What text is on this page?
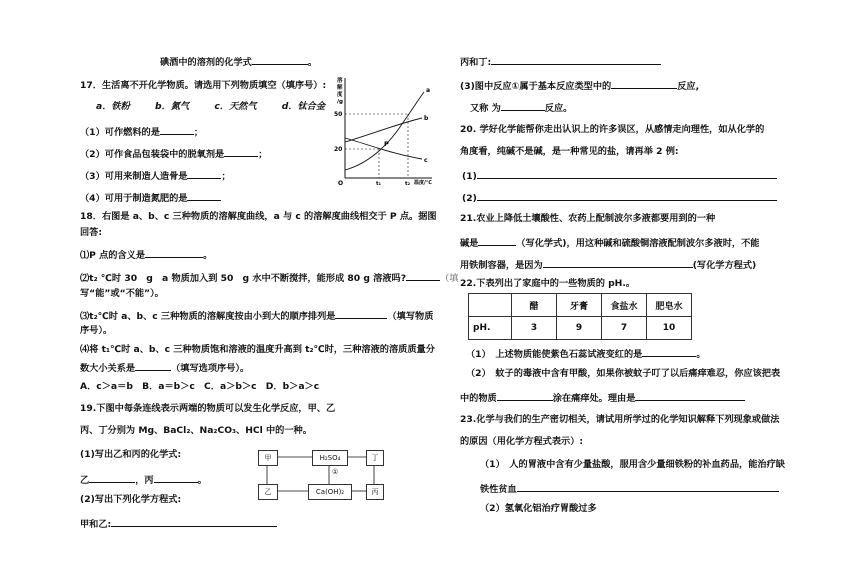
碘酒中的溶剂的化学式	。
17．生活离不开化学物质。请选用下列物质填空（填序号）:
a．铁粉	b．氮气	c．天然气	d．钛合金
（1）可作燃料的是	；
（2）可作食品包装袋中的脱氧剂是	；
（3）可用来制造人造骨是	；
（4）可用于制造氮肥的是
溶
解
度
/g
50
20
a
b
c
P
O	t₁	t₂ 温度/℃
18．右图是 a、b、c 三种物质的溶解度曲线，a 与 c 的溶解度曲线相交于 P 点。据图
回答:
⑴P 点的含义是	。
⑵t₂ ℃时 30　g　a 物质加入到 50　g 水中不断搅拌，能形成 80 g 溶液吗?	（填
写“能”或“不能”）。
⑶t₂℃时 a、b、c 三种物质的溶解度按由小到大的顺序排列是	（填写物质
序号）。
⑷将 t₁℃时 a、b、c 三种物质饱和溶液的温度升高到 t₂℃时，三种溶液的溶质质量分
数大小关系是	（填写选项序号）。
A．c＞a＝b　B．a＝b＞c　C．a＞b＞c　D．b＞a＞c
19.下图中每条连线表示两端的物质可以发生化学反应，甲、乙
丙、丁分别为 Mg、BaCl₂、Na₂CO₃、HCl 中的一种。
(1)写出乙和丙的化学式:
乙	，丙	。
(2)写出下列化学方程式:
甲和乙:
甲	H₂SO₄	丁
乙	Ca(OH)₂	丙
①
丙和丁:
(3)图中反应①属于基本反应类型中的	反应,
又称 为	反应。
20. 学好化学能帮你走出认识上的许多误区，从感情走向理性，如从化学的
角度看，纯碱不是碱，是一种常见的盐，请再举 2 例:
(1)
(2)
21.农业上降低土壤酸性、农药上配制波尔多液都要用到的一种
碱是	（写化学式)，用这种碱和硫酸铜溶液配制波尔多液时，不能
用铁制容器，是因为	(写化学方程式)
22.下表列出了家庭中的一些物质的 pH.。
	醋	牙膏	食盐水	肥皂水
pH.	3	9	7	10
（1）　上述物质能使紫色石蕊试液变红的是	。
（2）　蚊子的毒液中含有甲酸，如果你被蚊子叮了以后痛痒难忍，你应该把表
中的物质	涂在痛痒处。理由是
23.化学与我们的生产密切相关，请试用所学过的化学知识解释下列现象或做法
的原因（用化学方程式表示）:
（1）　人的胃液中含有少量盐酸，服用含少量细铁粉的补血药品，能治疗缺
铁性贫血
（2）氢氧化铝治疗胃酸过多
